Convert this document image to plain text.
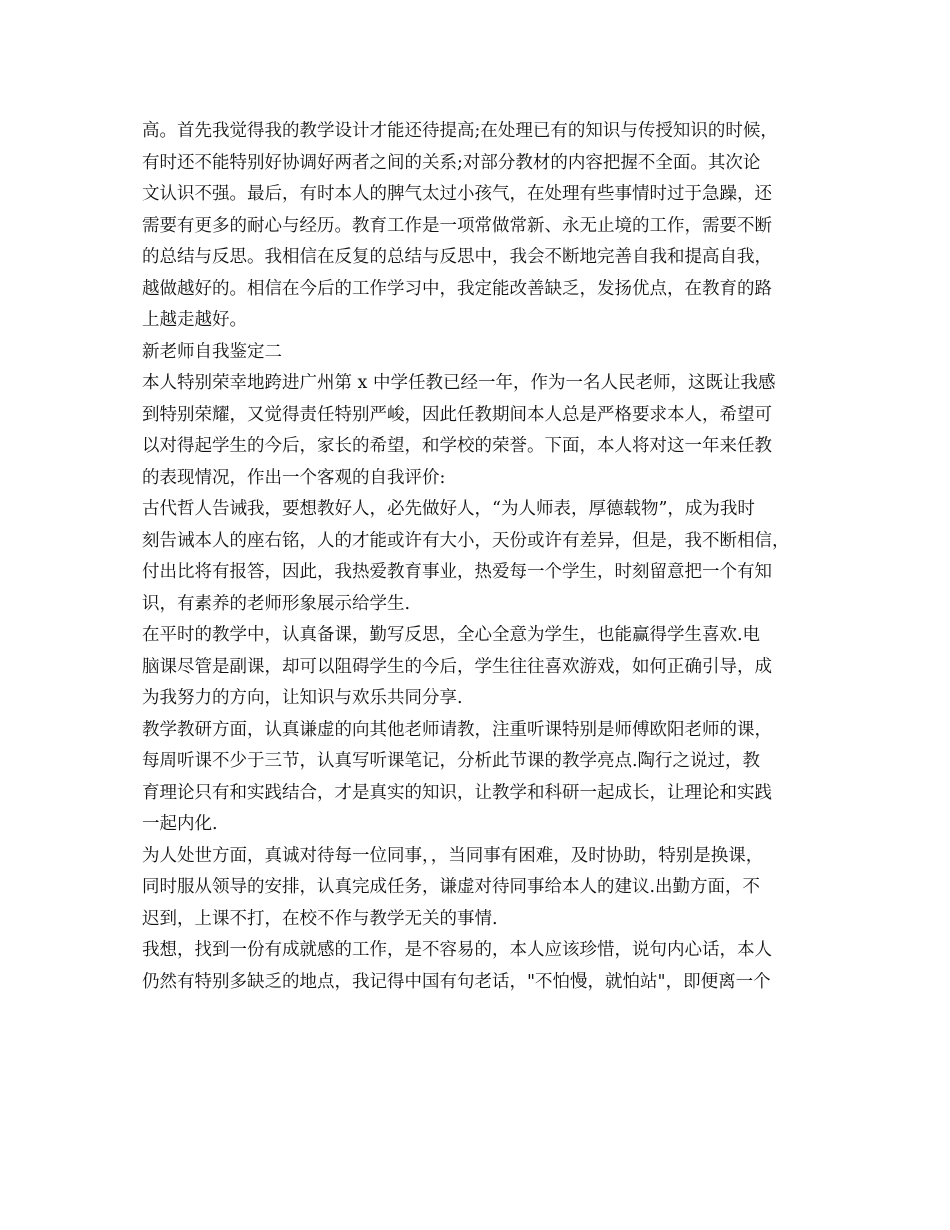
高。首先我觉得我的教学设计才能还待提高;在处理已有的知识与传授知识的时候，
有时还不能特别好协调好两者之间的关系;对部分教材的内容把握不全面。其次论
文认识不强。最后，有时本人的脾气太过小孩气，在处理有些事情时过于急躁，还
需要有更多的耐心与经历。教育工作是一项常做常新、永无止境的工作，需要不断
的总结与反思。我相信在反复的总结与反思中，我会不断地完善自我和提高自我，
越做越好的。相信在今后的工作学习中，我定能改善缺乏，发扬优点，在教育的路
上越走越好。
新老师自我鉴定二
本人特别荣幸地跨进广州第 x 中学任教已经一年，作为一名人民老师，这既让我感
到特别荣耀，又觉得责任特别严峻，因此任教期间本人总是严格要求本人，希望可
以对得起学生的今后，家长的希望，和学校的荣誉。下面，本人将对这一年来任教
的表现情况，作出一个客观的自我评价:
古代哲人告诫我，要想教好人，必先做好人，“为人师表，厚德载物”，成为我时
刻告诫本人的座右铭，人的才能或许有大小，天份或许有差异，但是，我不断相信，
付出比将有报答，因此，我热爱教育事业，热爱每一个学生，时刻留意把一个有知
识，有素养的老师形象展示给学生.
在平时的教学中，认真备课，勤写反思，全心全意为学生，也能赢得学生喜欢.电
脑课尽管是副课，却可以阻碍学生的今后，学生往往喜欢游戏，如何正确引导，成
为我努力的方向，让知识与欢乐共同分享.
教学教研方面，认真谦虚的向其他老师请教，注重听课特别是师傅欧阳老师的课，
每周听课不少于三节，认真写听课笔记，分析此节课的教学亮点.陶行之说过，教
育理论只有和实践结合，才是真实的知识，让教学和科研一起成长，让理论和实践
一起内化.
为人处世方面，真诚对待每一位同事，，当同事有困难，及时协助，特别是换课，
同时服从领导的安排，认真完成任务，谦虚对待同事给本人的建议.出勤方面，不
迟到，上课不打，在校不作与教学无关的事情.
我想，找到一份有成就感的工作，是不容易的，本人应该珍惜，说句内心话，本人
仍然有特别多缺乏的地点，我记得中国有句老话，"不怕慢，就怕站"，即便离一个
